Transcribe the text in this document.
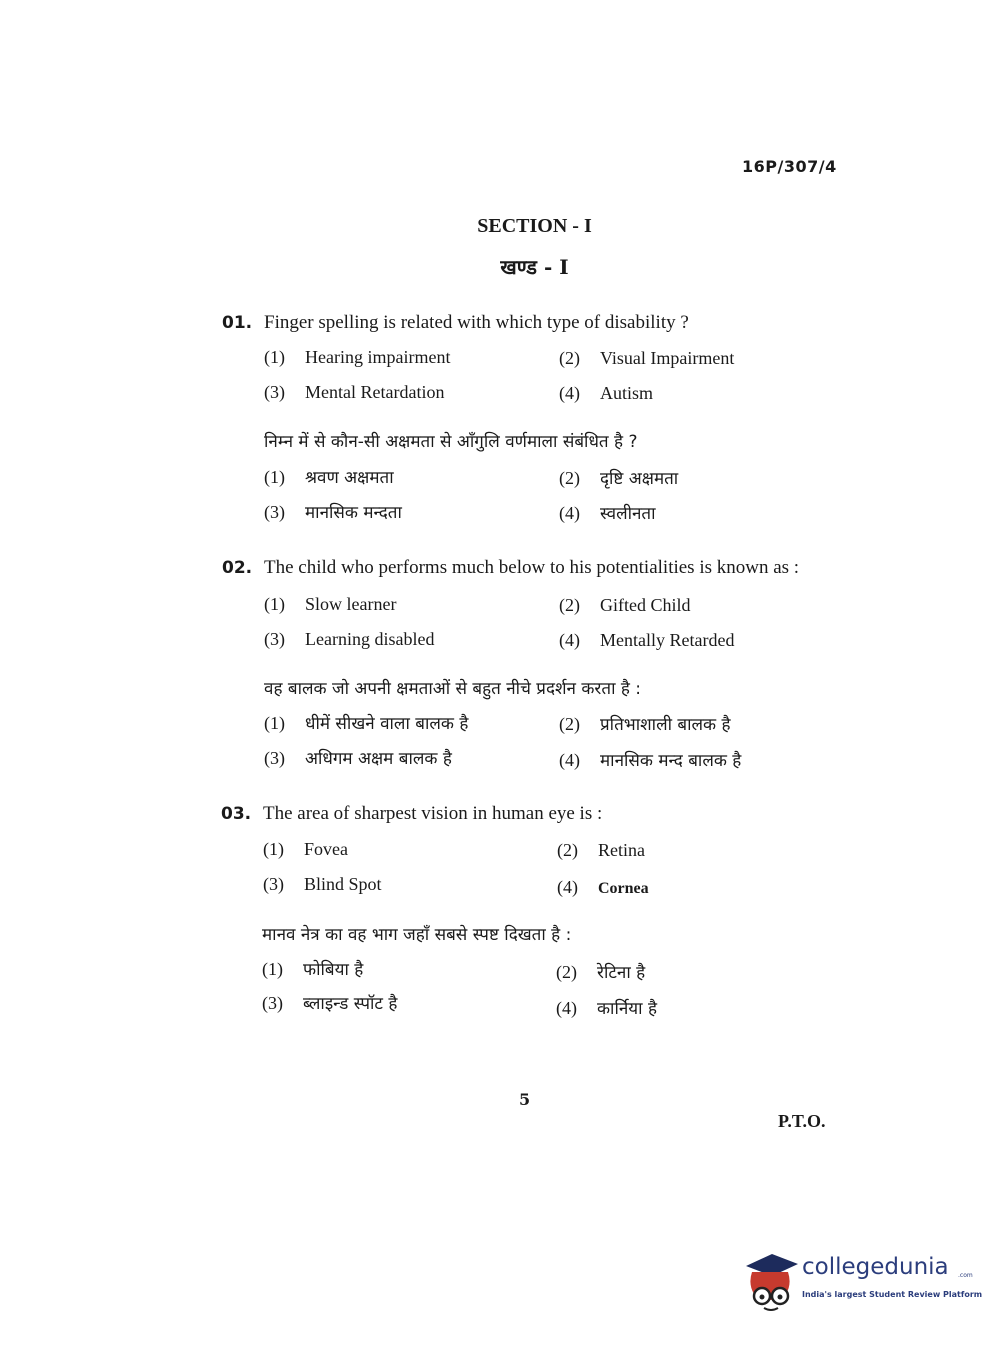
16P/307/4
SECTION - I
खण्ड - I
01. Finger spelling is related with which type of disability ?
(1) Hearing impairment	(2) Visual Impairment
(3) Mental Retardation	(4) Autism
निम्न में से कौन-सी अक्षमता से आँगुलि वर्णमाला संबंधित है ?
(1) श्रवण अक्षमता	(2) दृष्टि अक्षमता
(3) मानसिक मन्दता	(4) स्वलीनता
02. The child who performs much below to his potentialities is known as :
(1) Slow learner	(2) Gifted Child
(3) Learning disabled	(4) Mentally Retarded
वह बालक जो अपनी क्षमताओं से बहुत नीचे प्रदर्शन करता है :
(1) धीमें सीखने वाला बालक है	(2) प्रतिभाशाली बालक है
(3) अधिगम अक्षम बालक है	(4) मानसिक मन्द बालक है
03. The area of sharpest vision in human eye is :
(1) Fovea	(2) Retina
(3) Blind Spot	(4) Cornea
मानव नेत्र का वह भाग जहाँ सबसे स्पष्ट दिखता है :
(1) फोबिया है	(2) रेटिना है
(3) ब्लाइन्ड स्पॉट है	(4) कार्निया है
5
P.T.O.
collegedunia .com
India's largest Student Review Platform
